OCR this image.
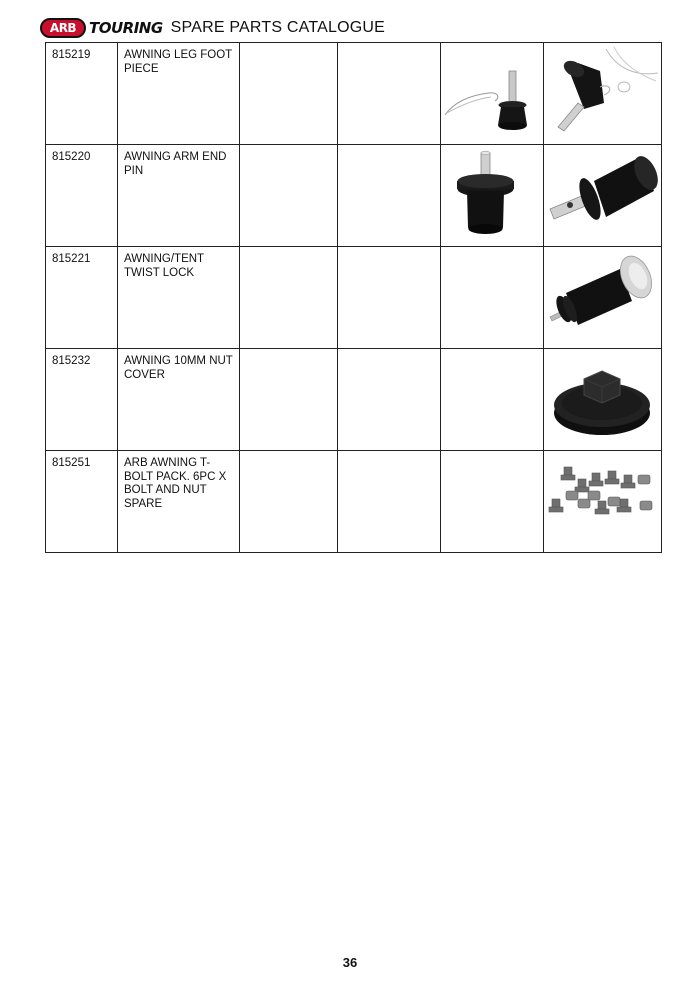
ARB TOURING SPARE PARTS CATALOGUE
815219	AWNING LEG FOOT PIECE

815220	AWNING ARM END PIN

815221	AWNING/TENT TWIST LOCK

815232	AWNING 10MM NUT COVER

815251	ARB AWNING T-BOLT PACK. 6PC X BOLT AND NUT SPARE

36
